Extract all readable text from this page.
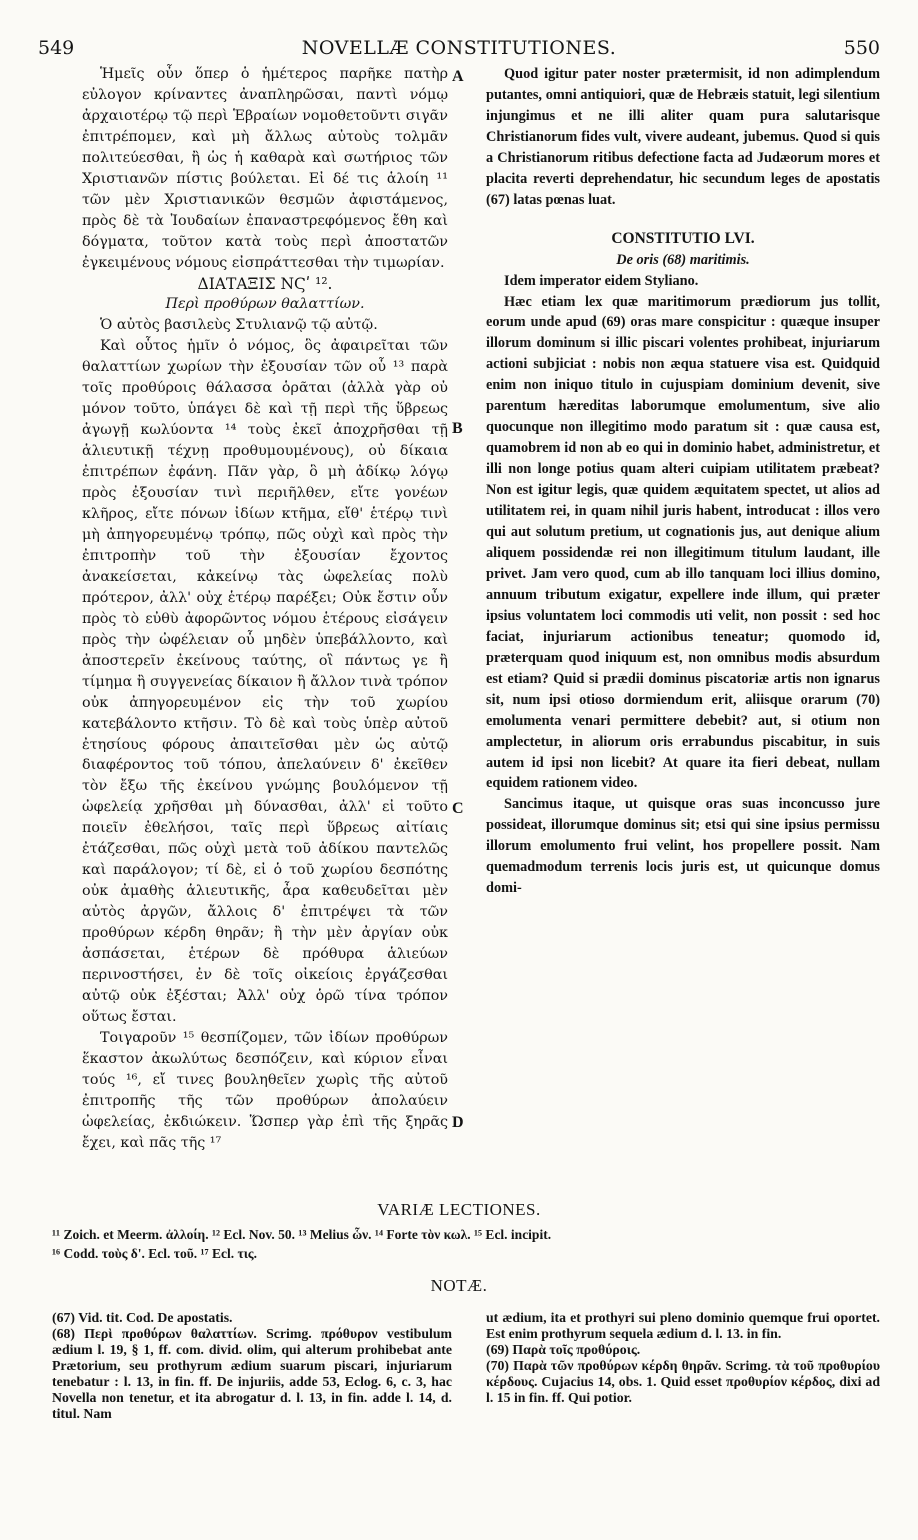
549	NOVELLÆ CONSTITUTIONES.	550

Ἡμεῖς οὖν ὅπερ ὁ ἡμέτερος παρῆκε πατὴρ εὐλογον κρίναντες ἀναπληρῶσαι, παντὶ νόμῳ ἀρχαιοτέρῳ τῷ περὶ Ἑβραίων νομοθετοῦντι σιγᾶν ἐπιτρέπομεν, καὶ μὴ ἄλλως αὐτοὺς τολμᾶν πολιτεύεσθαι, ἢ ὡς ἡ καθαρὰ καὶ σωτήριος τῶν Χριστιανῶν πίστις βούλεται. Εἰ δέ τις ἁλοίη ¹¹ τῶν μὲν Χριστιανικῶν θεσμῶν ἀφιστάμενος, πρὸς δὲ τὰ Ἰουδαίων ἐπαναστρεφόμενος ἔθη καὶ δόγματα, τοῦτον κατὰ τοὺς περὶ ἀποστατῶν ἐγκειμένους νόμους εἰσπράττεσθαι τὴν τιμωρίαν.

ΔΙΑΤΑΞΙΣ ΝϚʹ ¹².
Περὶ προθύρων θαλαττίων.

Ὁ αὐτὸς βασιλεὺς Στυλιανῷ τῷ αὐτῷ.

Καὶ οὗτος ἡμῖν ὁ νόμος, ὃς ἀφαιρεῖται τῶν θαλαττίων χωρίων τὴν ἐξουσίαν τῶν οὗ ¹³ παρὰ τοῖς προθύροις θάλασσα ὁρᾶται (ἀλλὰ γὰρ οὐ μόνον τοῦτο, ὑπάγει δὲ καὶ τῇ περὶ τῆς ὕβρεως ἀγωγῇ κωλύοντα ¹⁴ τοὺς ἐκεῖ ἀποχρῆσθαι τῇ ἁλιευτικῇ τέχνῃ προθυμουμένους), οὐ δίκαια ἐπιτρέπων ἐφάνη. Πᾶν γὰρ, ὃ μὴ ἀδίκῳ λόγῳ πρὸς ἐξουσίαν τινὶ περιῆλθεν, εἴτε γονέων κλῆρος, εἴτε πόνων ἰδίων κτῆμα, εἴθ' ἑτέρῳ τινὶ μὴ ἀπηγορευμένῳ τρόπῳ, πῶς οὐχὶ καὶ πρὸς τὴν ἐπιτροπὴν τοῦ τὴν ἐξουσίαν ἔχοντος ἀνακείσεται, κἀκείνῳ τὰς ὠφελείας πολὺ πρότερον, ἀλλ' οὐχ ἑτέρῳ παρέξει; Οὐκ ἔστιν οὖν πρὸς τὸ εὐθὺ ἀφορῶντος νόμου ἑτέρους εἰσάγειν πρὸς τὴν ὠφέλειαν οὗ μηδὲν ὑπεβάλλοντο, καὶ ἀποστερεῖν ἐκείνους ταύτης, οἳ πάντως γε ἢ τίμημα ἢ συγγενείας δίκαιον ἢ ἄλλον τινὰ τρόπον οὐκ ἀπηγορευμένον εἰς τὴν τοῦ χωρίου κατεβάλοντο κτῆσιν. Τὸ δὲ καὶ τοὺς ὑπὲρ αὐτοῦ ἐτησίους φόρους ἀπαιτεῖσθαι μὲν ὡς αὐτῷ διαφέροντος τοῦ τόπου, ἀπελαύνειν δ' ἐκεῖθεν τὸν ἔξω τῆς ἐκείνου γνώμης βουλόμενον τῇ ὠφελείᾳ χρῆσθαι μὴ δύνασθαι, ἀλλ' εἰ τοῦτο ποιεῖν ἐθελήσοι, ταῖς περὶ ὕβρεως αἰτίαις ἐτάζεσθαι, πῶς οὐχὶ μετὰ τοῦ ἀδίκου παντελῶς καὶ παράλογον; τί δὲ, εἰ ὁ τοῦ χωρίου δεσπότης οὐκ ἀμαθὴς ἁλιευτικῆς, ἆρα καθευδεῖται μὲν αὐτὸς ἀργῶν, ἄλλοις δ' ἐπιτρέψει τὰ τῶν προθύρων κέρδη θηρᾶν; ἢ τὴν μὲν ἀργίαν οὐκ ἀσπάσεται, ἑτέρων δὲ πρόθυρα ἁλιεύων περινοστήσει, ἐν δὲ τοῖς οἰκείοις ἐργάζεσθαι αὐτῷ οὐκ ἐξέσται; Ἀλλ' οὐχ ὁρῶ τίνα τρόπον οὕτως ἔσται.

Τοιγαροῦν ¹⁵ θεσπίζομεν, τῶν ἰδίων προθύρων ἕκαστον ἀκωλύτως δεσπόζειν, καὶ κύριον εἶναι τούς ¹⁶, εἴ τινες βουληθεῖεν χωρὶς τῆς αὐτοῦ ἐπιτροπῆς τῆς τῶν προθύρων ἀπολαύειν ὠφελείας, ἐκδιώκειν. Ὥσπερ γὰρ ἐπὶ τῆς ξηρᾶς ἔχει, καὶ πᾶς τῆς ¹⁷

Quod igitur pater noster prætermisit, id non adimplendum putantes, omni antiquiori, quæ de Hebræis statuit, legi silentium injungimus et ne illi aliter quam pura salutarisque Christianorum fides vult, vivere audeant, jubemus. Quod si quis a Christianorum ritibus defectione facta ad Judæorum mores et placita reverti deprehendatur, hic secundum leges de apostatis (67) latas pœnas luat.

CONSTITUTIO LVI.
De oris (68) maritimis.

Idem imperator eidem Styliano.

Hæc etiam lex quæ maritimorum prædiorum jus tollit, eorum unde apud (69) oras mare conspicitur : quæque insuper illorum dominum si illic piscari volentes prohibeat, injuriarum actioni subjiciat : nobis non æqua statuere visa est. Quidquid enim non iniquo titulo in cujuspiam dominium devenit, sive parentum hæreditas laborumque emolumentum, sive alio quocunque non illegitimo modo paratum sit : quæ causa est, quamobrem id non ab eo qui in dominio habet, administretur, et illi non longe potius quam alteri cuipiam utilitatem præbeat? Non est igitur legis, quæ quidem æquitatem spectet, ut alios ad utilitatem rei, in quam nihil juris habent, introducat : illos vero qui aut solutum pretium, ut cognationis jus, aut denique alium aliquem possidendæ rei non illegitimum titulum laudant, ille privet. Jam vero quod, cum ab illo tanquam loci illius domino, annuum tributum exigatur, expellere inde illum, qui præter ipsius voluntatem loci commodis uti velit, non possit : sed hoc faciat, injuriarum actionibus teneatur; quomodo id, præterquam quod iniquum est, non omnibus modis absurdum est etiam? Quid si prædii dominus piscatoriæ artis non ignarus sit, num ipsi otioso dormiendum erit, aliisque orarum (70) emolumenta venari permittere debebit? aut, si otium non amplectetur, in aliorum oris errabundus piscabitur, in suis autem id ipsi non licebit? At quare ita fieri debeat, nullam equidem rationem video.

Sancimus itaque, ut quisque oras suas inconcusso jure possideat, illorumque dominus sit; etsi qui sine ipsius permissu illorum emolumento frui velint, hos propellere possit. Nam quemadmodum terrenis locis juris est, ut quicunque domus domi-

A
B
C
D
VARIÆ LECTIONES.
¹¹ Zoich. et Meerm. ἀλλοίη. ¹² Ecl. Nov. 50. ¹³ Melius ὧν. ¹⁴ Forte τὸν κωλ. ¹⁵ Ecl. incipit.
¹⁶ Codd. τοὺς δ'. Ecl. τοῦ. ¹⁷ Ecl. τις.
NOTÆ.

(67) Vid. tit. Cod. De apostatis.

(68) Περὶ προθύρων θαλαττίων. Scrimg. πρόθυρον vestibulum ædium l. 19, § 1, ff. com. divid. olim, qui alterum prohibebat ante Prætorium, seu prothyrum ædium suarum piscari, injuriarum tenebatur : l. 13, in fin. ff. De injuriis, adde 53, Eclog. 6, c. 3, hac Novella non tenetur, et ita abrogatur d. l. 13, in fin. adde l. 14, d. titul. Nam

ut ædium, ita et prothyri sui pleno dominio quemque frui oportet. Est enim prothyrum sequela ædium d. l. 13. in fin.

(69) Παρὰ τοῖς προθύροις.

(70) Παρὰ τῶν προθύρων κέρδη θηρᾶν. Scrimg. τὰ τοῦ προθυρίου κέρδους. Cujacius 14, obs. 1. Quid esset προθυρίον κέρδος, dixi ad l. 15 in fin. ff. Qui potior.
